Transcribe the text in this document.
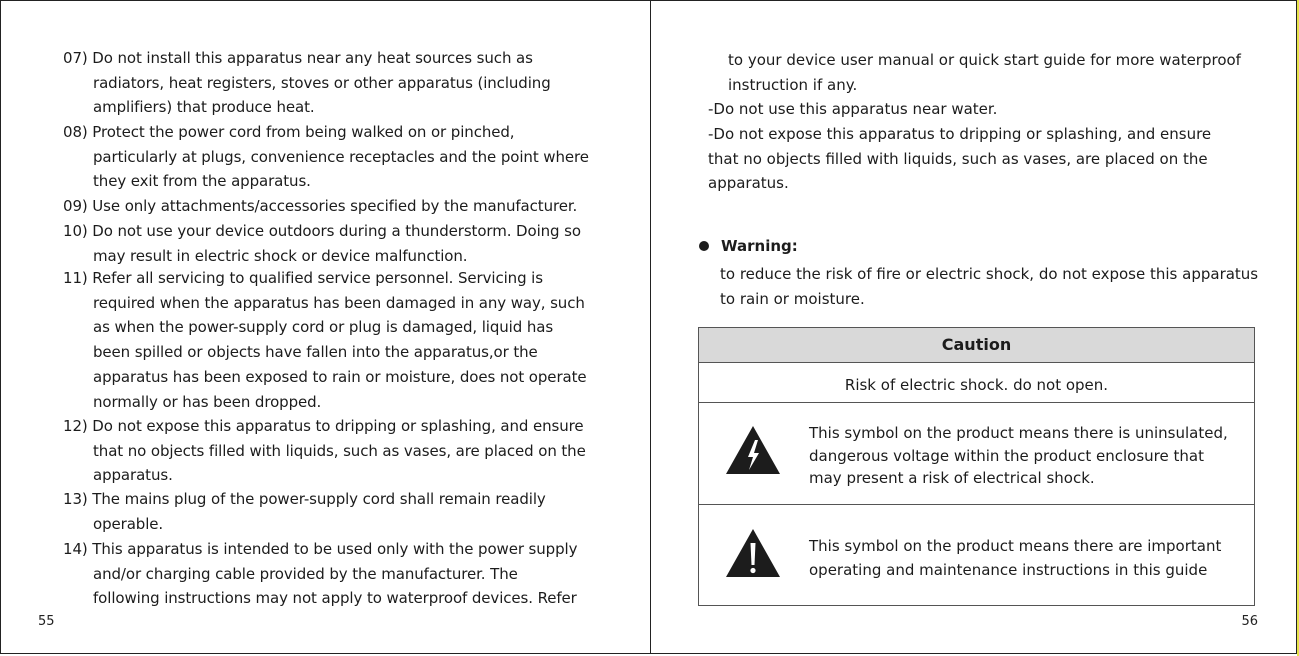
07) Do not install this apparatus near any heat sources such as
radiators, heat registers, stoves or other apparatus (including
amplifiers) that produce heat.
08) Protect the power cord from being walked on or pinched,
particularly at plugs, convenience receptacles and the point where
they exit from the apparatus.
09) Use only attachments/accessories specified by the manufacturer.
10) Do not use your device outdoors during a thunderstorm. Doing so
may result in electric shock or device malfunction.
11) Refer all servicing to qualified service personnel. Servicing is
required when the apparatus has been damaged in any way, such
as when the power-supply cord or plug is damaged, liquid has
been spilled or objects have fallen into the apparatus,or the
apparatus has been exposed to rain or moisture, does not operate
normally or has been dropped.
12) Do not expose this apparatus to dripping or splashing, and ensure
that no objects filled with liquids, such as vases, are placed on the
apparatus.
13) The mains plug of the power-supply cord shall remain readily
operable.
14) This apparatus is intended to be used only with the power supply
and/or charging cable provided by the manufacturer. The
following instructions may not apply to waterproof devices. Refer
55
to your device user manual or quick start guide for more waterproof
instruction if any.
-Do not use this apparatus near water.
-Do not expose this apparatus to dripping or splashing, and ensure
that no objects filled with liquids, such as vases, are placed on the
apparatus.
Warning:
to reduce the risk of fire or electric shock, do not expose this apparatus
to rain or moisture.
Caution
Risk of electric shock. do not open.
This symbol on the product means there is uninsulated,
dangerous voltage within the product enclosure that
may present a risk of electrical shock.
This symbol on the product means there are important
operating and maintenance instructions in this guide
56
